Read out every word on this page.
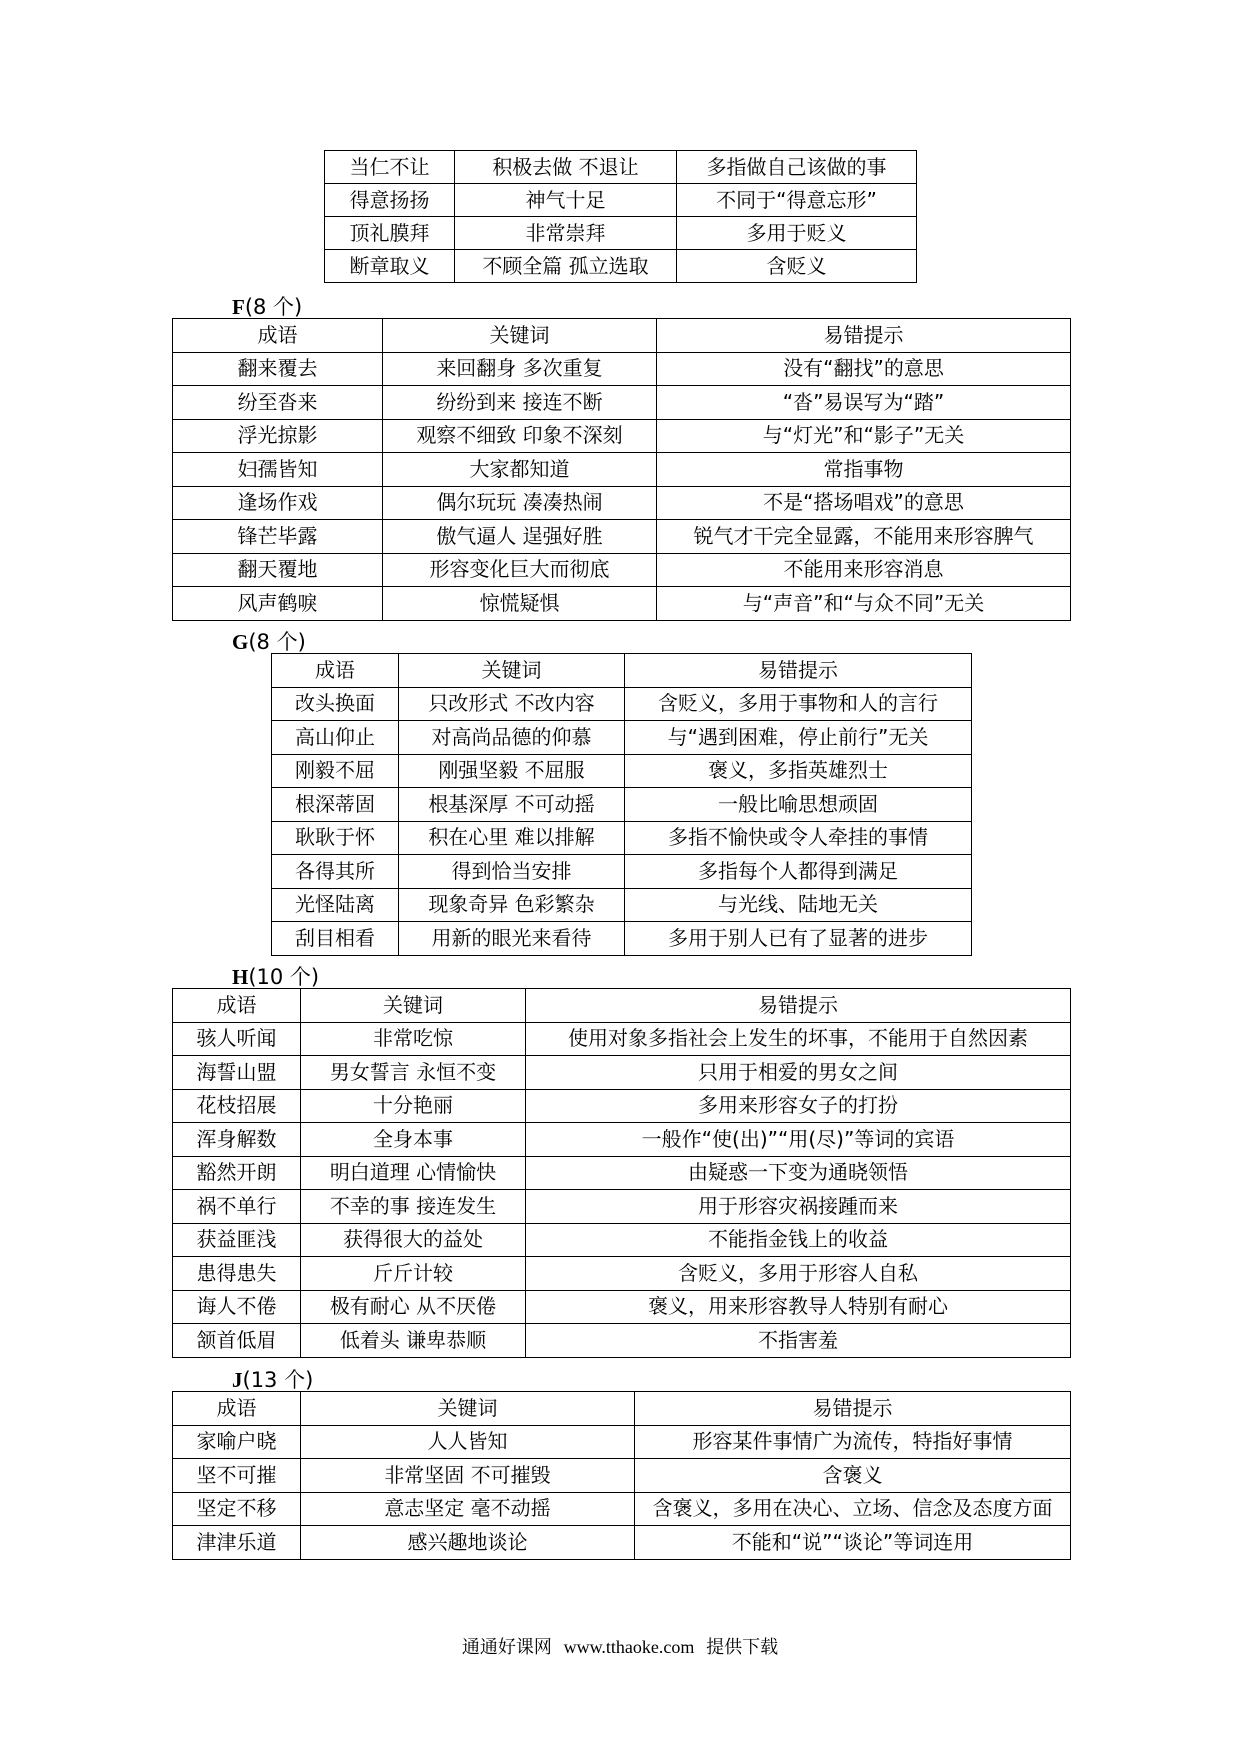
当仁不让	积极去做 不退让	多指做自己该做的事
得意扬扬	神气十足	不同于“得意忘形”
顶礼膜拜	非常崇拜	多用于贬义
断章取义	不顾全篇 孤立选取	含贬义
F(8 个)
成语	关键词	易错提示
翻来覆去	来回翻身 多次重复	没有“翻找”的意思
纷至沓来	纷纷到来 接连不断	“沓”易误写为“踏”
浮光掠影	观察不细致 印象不深刻	与“灯光”和“影子”无关
妇孺皆知	大家都知道	常指事物
逢场作戏	偶尔玩玩 凑凑热闹	不是“搭场唱戏”的意思
锋芒毕露	傲气逼人 逞强好胜	锐气才干完全显露，不能用来形容脾气
翻天覆地	形容变化巨大而彻底	不能用来形容消息
风声鹤唳	惊慌疑惧	与“声音”和“与众不同”无关
G(8 个)
成语	关键词	易错提示
改头换面	只改形式 不改内容	含贬义，多用于事物和人的言行
高山仰止	对高尚品德的仰慕	与“遇到困难，停止前行”无关
刚毅不屈	刚强坚毅 不屈服	褒义，多指英雄烈士
根深蒂固	根基深厚 不可动摇	一般比喻思想顽固
耿耿于怀	积在心里 难以排解	多指不愉快或令人牵挂的事情
各得其所	得到恰当安排	多指每个人都得到满足
光怪陆离	现象奇异 色彩繁杂	与光线、陆地无关
刮目相看	用新的眼光来看待	多用于别人已有了显著的进步
H(10 个)
成语	关键词	易错提示
骇人听闻	非常吃惊	使用对象多指社会上发生的坏事，不能用于自然因素
海誓山盟	男女誓言 永恒不变	只用于相爱的男女之间
花枝招展	十分艳丽	多用来形容女子的打扮
浑身解数	全身本事	一般作“使(出)”“用(尽)”等词的宾语
豁然开朗	明白道理 心情愉快	由疑惑一下变为通晓领悟
祸不单行	不幸的事 接连发生	用于形容灾祸接踵而来
获益匪浅	获得很大的益处	不能指金钱上的收益
患得患失	斤斤计较	含贬义，多用于形容人自私
诲人不倦	极有耐心 从不厌倦	褒义，用来形容教导人特别有耐心
颔首低眉	低着头 谦卑恭顺	不指害羞
J(13 个)
成语	关键词	易错提示
家喻户晓	人人皆知	形容某件事情广为流传，特指好事情
坚不可摧	非常坚固 不可摧毁	含褒义
坚定不移	意志坚定 毫不动摇	含褒义，多用在决心、立场、信念及态度方面
津津乐道	感兴趣地谈论	不能和“说”“谈论”等词连用
通通好课网 www.tthaoke.com 提供下载
